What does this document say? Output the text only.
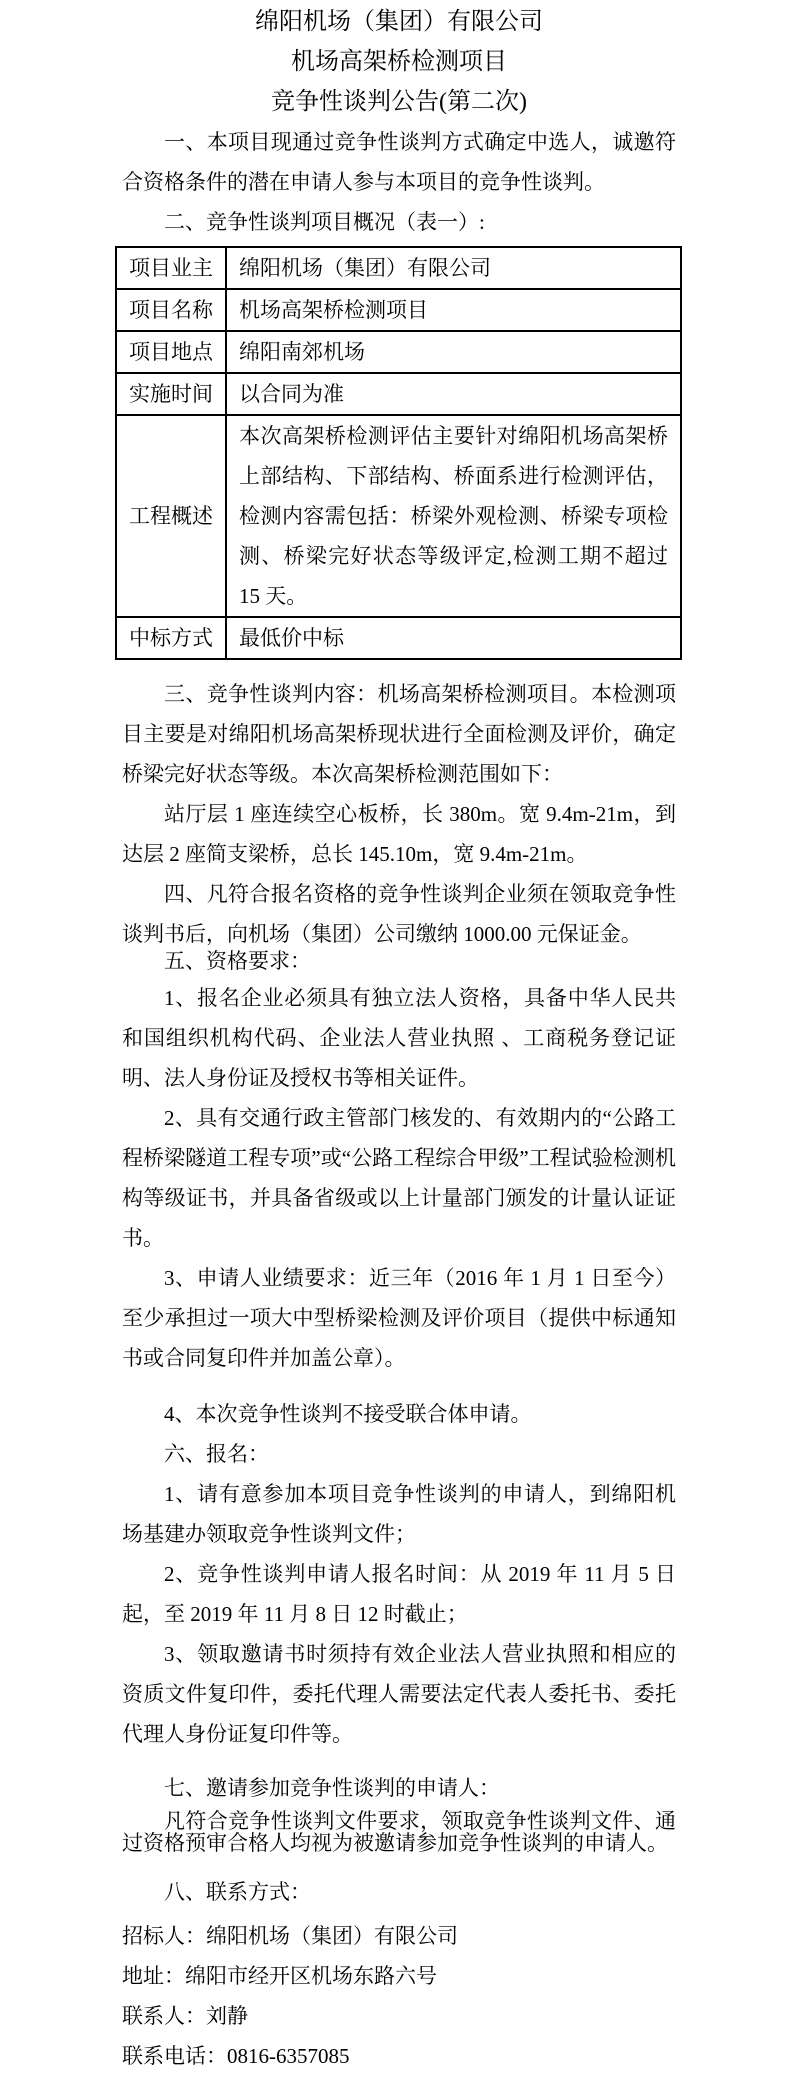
绵阳机场（集团）有限公司
机场高架桥检测项目
竞争性谈判公告(第二次)

一、本项目现通过竞争性谈判方式确定中选人，诚邀符合资格条件的潜在申请人参与本项目的竞争性谈判。

二、竞争性谈判项目概况（表一）:

项目业主	绵阳机场（集团）有限公司
项目名称	机场高架桥检测项目
项目地点	绵阳南郊机场
实施时间	以合同为准
工程概述	本次高架桥检测评估主要针对绵阳机场高架桥上部结构、下部结构、桥面系进行检测评估，检测内容需包括：桥梁外观检测、桥梁专项检测、桥梁完好状态等级评定,检测工期不超过 15 天。
中标方式	最低价中标

三、竞争性谈判内容：机场高架桥检测项目。本检测项目主要是对绵阳机场高架桥现状进行全面检测及评价，确定桥梁完好状态等级。本次高架桥检测范围如下：

站厅层 1 座连续空心板桥，长 380m。宽 9.4m-21m，到达层 2 座简支梁桥，总长 145.10m，宽 9.4m-21m。

四、凡符合报名资格的竞争性谈判企业须在领取竞争性谈判书后，向机场（集团）公司缴纳 1000.00 元保证金。

五、资格要求：

1、报名企业必须具有独立法人资格，具备中华人民共和国组织机构代码、企业法人营业执照 、工商税务登记证明、法人身份证及授权书等相关证件。

2、具有交通行政主管部门核发的、有效期内的“公路工程桥梁隧道工程专项”或“公路工程综合甲级”工程试验检测机构等级证书，并具备省级或以上计量部门颁发的计量认证证书。

3、申请人业绩要求：近三年（2016 年 1 月 1 日至今）至少承担过一项大中型桥梁检测及评价项目（提供中标通知书或合同复印件并加盖公章）。

4、本次竞争性谈判不接受联合体申请。

六、报名：

1、请有意参加本项目竞争性谈判的申请人，到绵阳机场基建办领取竞争性谈判文件；

2、竞争性谈判申请人报名时间：从 2019 年 11 月 5 日起，至 2019 年 11 月 8 日 12 时截止；

3、领取邀请书时须持有效企业法人营业执照和相应的资质文件复印件，委托代理人需要法定代表人委托书、委托代理人身份证复印件等。

七、邀请参加竞争性谈判的申请人：

凡符合竞争性谈判文件要求，领取竞争性谈判文件、通过资格预审合格人均视为被邀请参加竞争性谈判的申请人。

八、联系方式：

招标人：绵阳机场（集团）有限公司

地址：绵阳市经开区机场东路六号

联系人：刘静

联系电话：0816-6357085
